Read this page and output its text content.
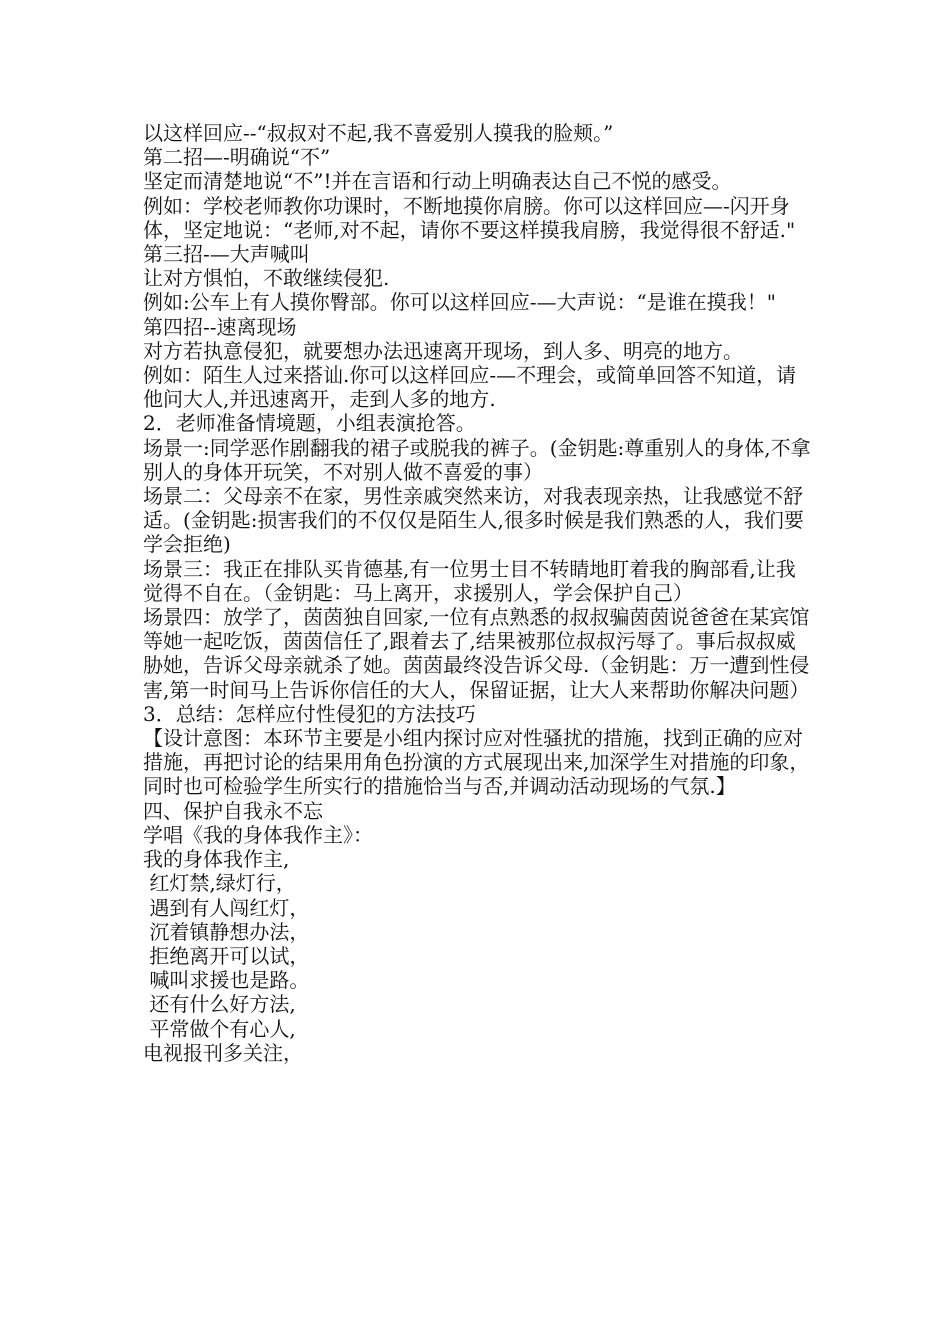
以这样回应--“叔叔对不起,我不喜爱别人摸我的脸颊。”

第二招—-明确说“不”

坚定而清楚地说“不”!并在言语和行动上明确表达自己不悦的感受。

例如：学校老师教你功课时，不断地摸你肩膀。你可以这样回应—-闪开身体，坚定地说：“老师,对不起，请你不要这样摸我肩膀，我觉得很不舒适."

第三招-—大声喊叫

让对方惧怕，不敢继续侵犯.

例如:公车上有人摸你臀部。你可以这样回应-—大声说：“是谁在摸我！"

第四招--速离现场

对方若执意侵犯，就要想办法迅速离开现场，到人多、明亮的地方。

例如：陌生人过来搭讪.你可以这样回应-—不理会，或简单回答不知道，请他问大人,并迅速离开，走到人多的地方.

2．老师准备情境题，小组表演抢答。

场景一:同学恶作剧翻我的裙子或脱我的裤子。(金钥匙:尊重别人的身体,不拿别人的身体开玩笑，不对别人做不喜爱的事）

场景二：父母亲不在家，男性亲戚突然来访，对我表现亲热，让我感觉不舒适。(金钥匙:损害我们的不仅仅是陌生人,很多时候是我们熟悉的人，我们要学会拒绝)

场景三：我正在排队买肯德基,有一位男士目不转睛地盯着我的胸部看,让我觉得不自在。（金钥匙：马上离开，求援别人，学会保护自己）

场景四：放学了，茵茵独自回家,一位有点熟悉的叔叔骗茵茵说爸爸在某宾馆等她一起吃饭，茵茵信任了,跟着去了,结果被那位叔叔污辱了。事后叔叔威胁她，告诉父母亲就杀了她。茵茵最终没告诉父母.（金钥匙：万一遭到性侵害,第一时间马上告诉你信任的大人，保留证据，让大人来帮助你解决问题）

3．总结：怎样应付性侵犯的方法技巧

【设计意图：本环节主要是小组内探讨应对性骚扰的措施，找到正确的应对措施，再把讨论的结果用角色扮演的方式展现出来,加深学生对措施的印象，同时也可检验学生所实行的措施恰当与否,并调动活动现场的气氛.】

四、保护自我永不忘

学唱《我的身体我作主》：

我的身体我作主,

红灯禁,绿灯行，

遇到有人闯红灯，

沉着镇静想办法，

拒绝离开可以试，

喊叫求援也是路。

还有什么好方法,

平常做个有心人,

电视报刊多关注，
